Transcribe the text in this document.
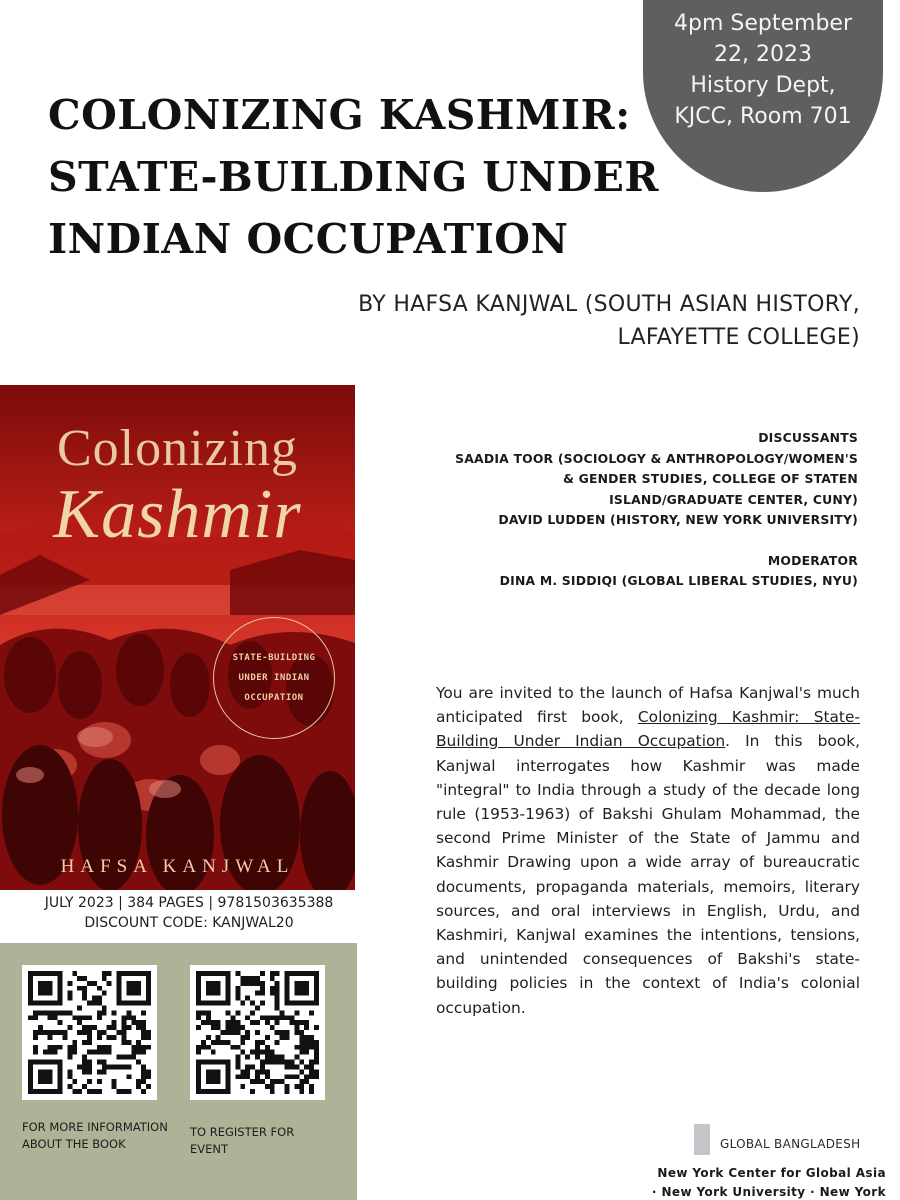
4pm September
22, 2023
History Dept,
KJCC, Room 701
COLONIZING KASHMIR:
STATE-BUILDING UNDER
INDIAN OCCUPATION
BY HAFSA KANJWAL (SOUTH ASIAN HISTORY,
LAFAYETTE COLLEGE)
Colonizing
Kashmir
STATE-BUILDING
UNDER INDIAN
OCCUPATION
HAFSA KANJWAL
JULY 2023 | 384 PAGES | 9781503635388
DISCOUNT CODE: KANJWAL20
FOR MORE INFORMATION ABOUT THE BOOK
TO REGISTER FOR EVENT
DISCUSSANTS
SAADIA TOOR (SOCIOLOGY & ANTHROPOLOGY/WOMEN'S
& GENDER STUDIES, COLLEGE OF STATEN
ISLAND/GRADUATE CENTER, CUNY)
DAVID LUDDEN (HISTORY, NEW YORK UNIVERSITY)
MODERATOR
DINA M. SIDDIQI (GLOBAL LIBERAL STUDIES, NYU)

You are invited to the launch of Hafsa Kanjwal's much anticipated first book, Colonizing Kashmir: State-Building Under Indian Occupation. In this book, Kanjwal interrogates how Kashmir was made "integral" to India through a study of the decade long rule (1953-1963) of Bakshi Ghulam Mohammad, the second Prime Minister of the State of Jammu and Kashmir Drawing upon a wide array of bureaucratic documents, propaganda materials, memoirs, literary sources, and oral interviews in English, Urdu, and Kashmiri, Kanjwal examines the intentions, tensions, and unintended consequences of Bakshi's state-building policies in the context of India's colonial occupation.

GLOBAL BANGLADESH
New York Center for Global Asia
· New York University · New York
